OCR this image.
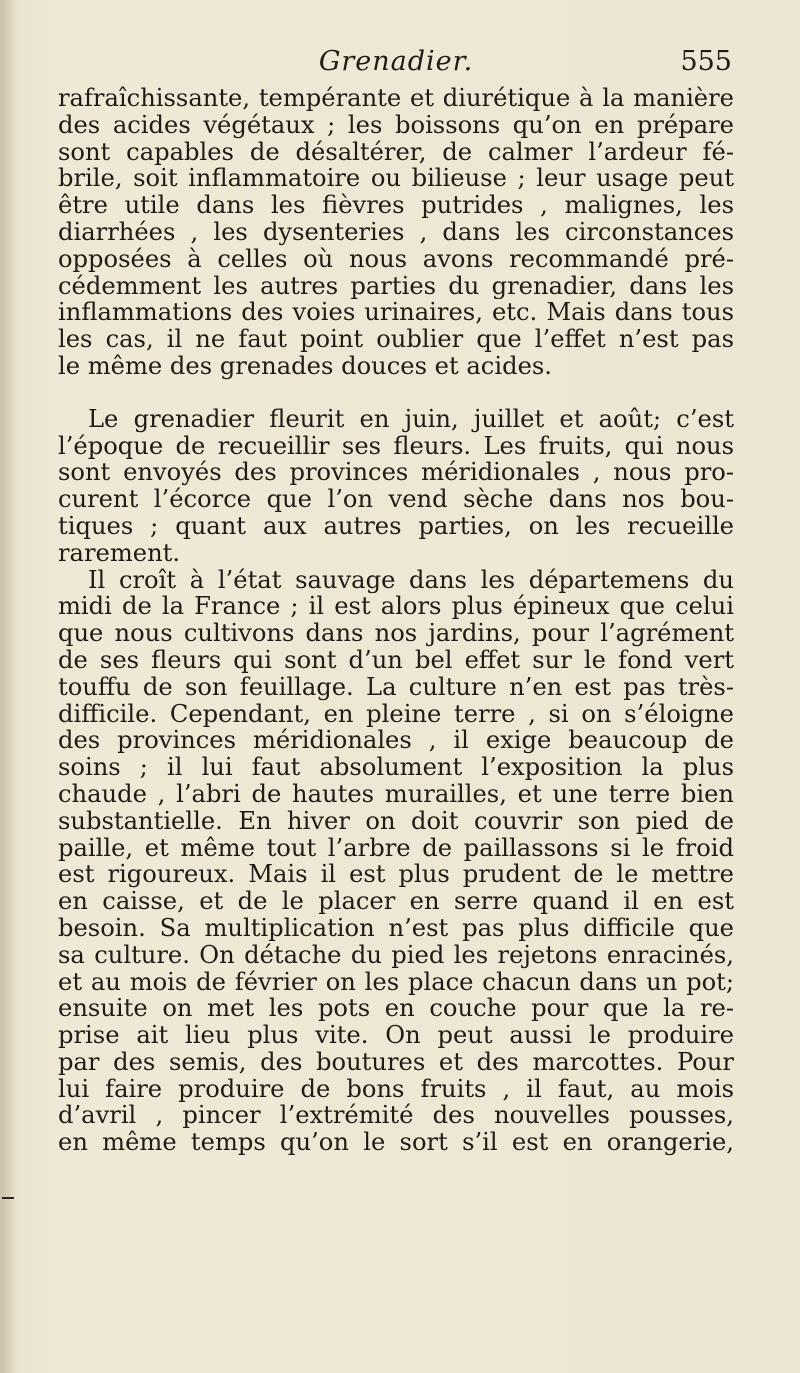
Grenadier.	555
rafraîchissante, tempérante et diurétique à la manière
des acides végétaux ; les boissons qu’on en prépare
sont capables de désaltérer, de calmer l’ardeur fé-
brile, soit inflammatoire ou bilieuse ; leur usage peut
être utile dans les fièvres putrides , malignes, les
diarrhées , les dysenteries , dans les circonstances
opposées à celles où nous avons recommandé pré-
cédemment les autres parties du grenadier, dans les
inflammations des voies urinaires, etc. Mais dans tous
les cas, il ne faut point oublier que l’effet n’est pas
le même des grenades douces et acides.
Le grenadier fleurit en juin, juillet et août; c’est
l’époque de recueillir ses fleurs. Les fruits, qui nous
sont envoyés des provinces méridionales , nous pro-
curent l’écorce que l’on vend sèche dans nos bou-
tiques ; quant aux autres parties, on les recueille
rarement.
Il croît à l’état sauvage dans les départemens du
midi de la France ; il est alors plus épineux que celui
que nous cultivons dans nos jardins, pour l’agrément
de ses fleurs qui sont d’un bel effet sur le fond vert
touffu de son feuillage. La culture n’en est pas très-
difficile. Cependant, en pleine terre , si on s’éloigne
des provinces méridionales , il exige beaucoup de
soins ; il lui faut absolument l’exposition la plus
chaude , l’abri de hautes murailles, et une terre bien
substantielle. En hiver on doit couvrir son pied de
paille, et même tout l’arbre de paillassons si le froid
est rigoureux. Mais il est plus prudent de le mettre
en caisse, et de le placer en serre quand il en est
besoin. Sa multiplication n’est pas plus difficile que
sa culture. On détache du pied les rejetons enracinés,
et au mois de février on les place chacun dans un pot;
ensuite on met les pots en couche pour que la re-
prise ait lieu plus vite. On peut aussi le produire
par des semis, des boutures et des marcottes. Pour
lui faire produire de bons fruits , il faut, au mois
d’avril , pincer l’extrémité des nouvelles pousses,
en même temps qu’on le sort s’il est en orangerie,
